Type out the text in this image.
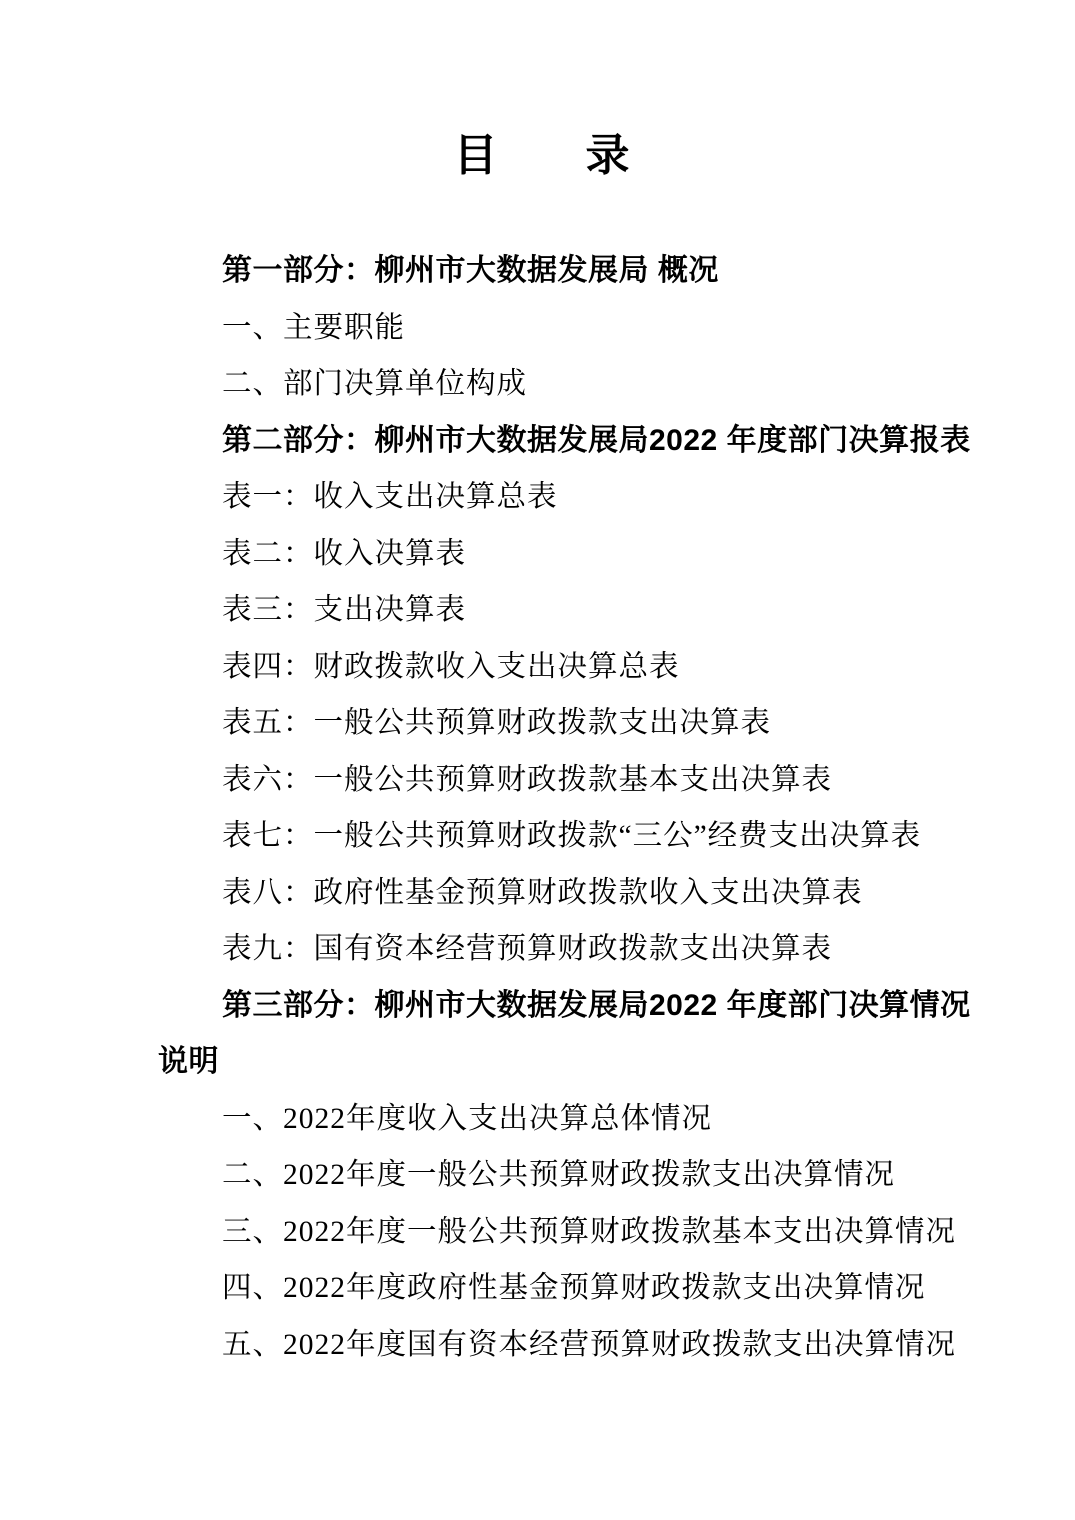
目　　录

第一部分：柳州市大数据发展局 概况

一、主要职能

二、部门决算单位构成

第二部分：柳州市大数据发展局2022 年度部门决算报表

表一：收入支出决算总表

表二：收入决算表

表三：支出决算表

表四：财政拨款收入支出决算总表

表五：一般公共预算财政拨款支出决算表

表六：一般公共预算财政拨款基本支出决算表

表七：一般公共预算财政拨款“三公”经费支出决算表

表八：政府性基金预算财政拨款收入支出决算表

表九：国有资本经营预算财政拨款支出决算表

第三部分：柳州市大数据发展局2022 年度部门决算情况

说明

一、2022年度收入支出决算总体情况

二、2022年度一般公共预算财政拨款支出决算情况

三、2022年度一般公共预算财政拨款基本支出决算情况

四、2022年度政府性基金预算财政拨款支出决算情况

五、2022年度国有资本经营预算财政拨款支出决算情况
